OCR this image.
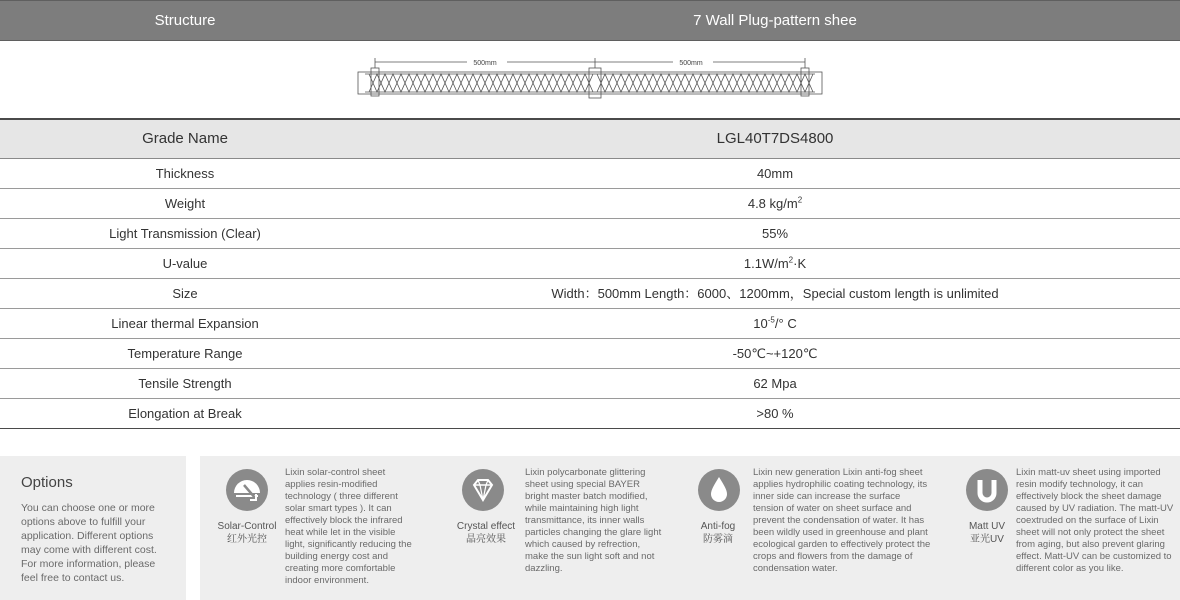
Structure	7 Wall Plug-pattern shee
500mm	500mm
Grade Name	LGL40T7DS4800
Thickness	40mm
Weight	4.8 $kg/m^2$
Light Transmission (Clear)	55%
U-value	$1.1W/m^2\cdot K$
Size	Width：500mm Length：6000、1200mm，Special custom length is unlimited
Linear thermal Expansion	$10^{-5}/^\circ$ C
Temperature Range	-50℃~+120℃
Tensile Strength	62 Mpa
Elongation at Break	>80 %
Options

You can choose one or more options above to fulfill your application. Different options may come with different cost. For more information, please feel free to contact us.

Solar-Control
红外光控
Lixin solar-control sheet applies resin-modified technology ( three different solar smart types ). It can effectively block the infrared heat while let in the visible light, significantly reducing the building energy cost and creating more comfortable indoor environment.
Crystal effect
晶亮效果
Lixin polycarbonate glittering sheet using special BAYER bright master batch modified, while maintaining high light transmittance, its inner walls particles changing the glare light which caused by refrection, make the sun light soft and not dazzling.
Anti-fog
防雾滴
Lixin new generation Lixin anti-fog sheet applies hydrophilic coating technology, its inner side can increase the surface tension of water on sheet surface and prevent the condensation of water. It has been wildly used in greenhouse and plant ecological garden to effectively protect the crops and flowers from the damage of condensation water.
Matt UV
亚光UV
Lixin matt-uv sheet using imported resin modify technology, it can effectively block the sheet damage caused by UV radiation. The matt-UV coextruded on the surface of Lixin sheet will not only protect the sheet from aging, but also prevent glaring effect. Matt-UV can be customized to different color as you like.
